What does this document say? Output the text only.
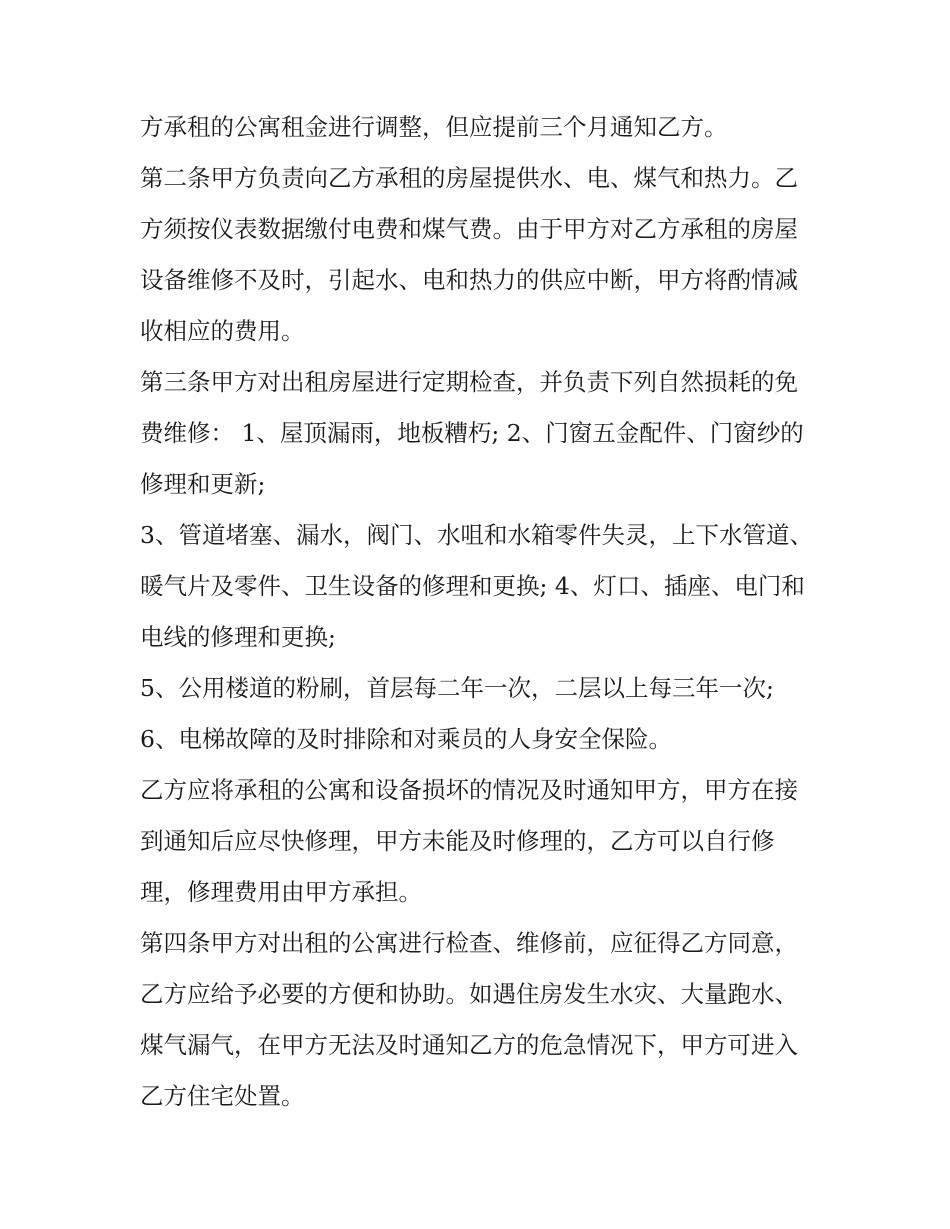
方承租的公寓租金进行调整，但应提前三个月通知乙方。

第二条甲方负责向乙方承租的房屋提供水、电、煤气和热力。乙方须按仪表数据缴付电费和煤气费。由于甲方对乙方承租的房屋设备维修不及时，引起水、电和热力的供应中断，甲方将酌情减收相应的费用。

第三条甲方对出租房屋进行定期检查，并负责下列自然损耗的免费维修： 1、屋顶漏雨，地板糟朽; 2、门窗五金配件、门窗纱的修理和更新;

3、管道堵塞、漏水，阀门、水咀和水箱零件失灵，上下水管道、暖气片及零件、卫生设备的修理和更换; 4、灯口、插座、电门和电线的修理和更换;

5、公用楼道的粉刷，首层每二年一次，二层以上每三年一次;

6、电梯故障的及时排除和对乘员的人身安全保险。

乙方应将承租的公寓和设备损坏的情况及时通知甲方，甲方在接到通知后应尽快修理，甲方未能及时修理的，乙方可以自行修理，修理费用由甲方承担。

第四条甲方对出租的公寓进行检查、维修前，应征得乙方同意，乙方应给予必要的方便和协助。如遇住房发生水灾、大量跑水、煤气漏气，在甲方无法及时通知乙方的危急情况下，甲方可进入乙方住宅处置。
